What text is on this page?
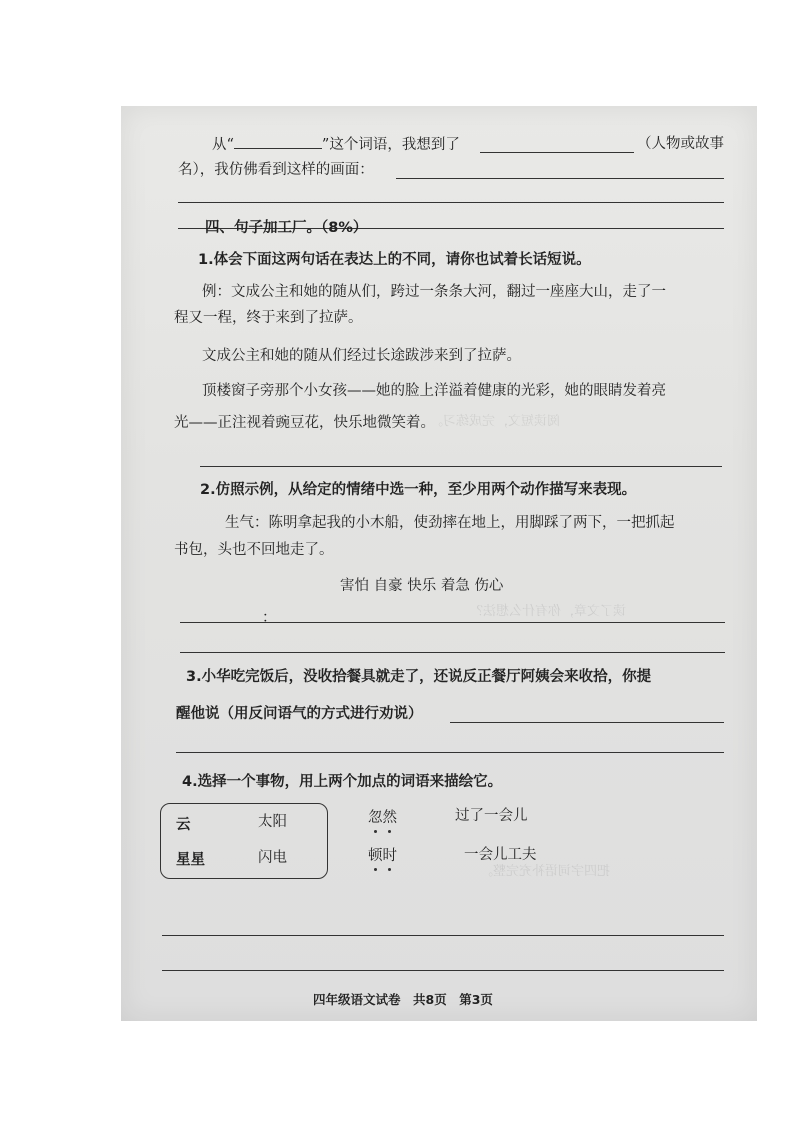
阅读短文，完成练习。
读了文章，你有什么想法？
把四字词语补充完整。
从“	”这个词语，我想到了	（人物或故事
名），我仿佛看到这样的画面：
四、句子加工厂。（8%）
1.体会下面这两句话在表达上的不同，请你也试着长话短说。
例：文成公主和她的随从们，跨过一条条大河，翻过一座座大山，走了一
程又一程，终于来到了拉萨。
文成公主和她的随从们经过长途跋涉来到了拉萨。
顶楼窗子旁那个小女孩——她的脸上洋溢着健康的光彩，她的眼睛发着亮
光——正注视着豌豆花，快乐地微笑着。
2.仿照示例，从给定的情绪中选一种，至少用两个动作描写来表现。
生气：陈明拿起我的小木船，使劲摔在地上，用脚踩了两下，一把抓起
书包，头也不回地走了。
害怕 自豪 快乐 着急 伤心
：
3.小华吃完饭后，没收拾餐具就走了，还说反正餐厅阿姨会来收拾，你提
醒他说（用反问语气的方式进行劝说）
4.选择一个事物，用上两个加点的词语来描绘它。
云	太阳
星星	闪电
忽然	过了一会儿
顿时	一会儿工夫
四年级语文试卷　共8页　第3页
